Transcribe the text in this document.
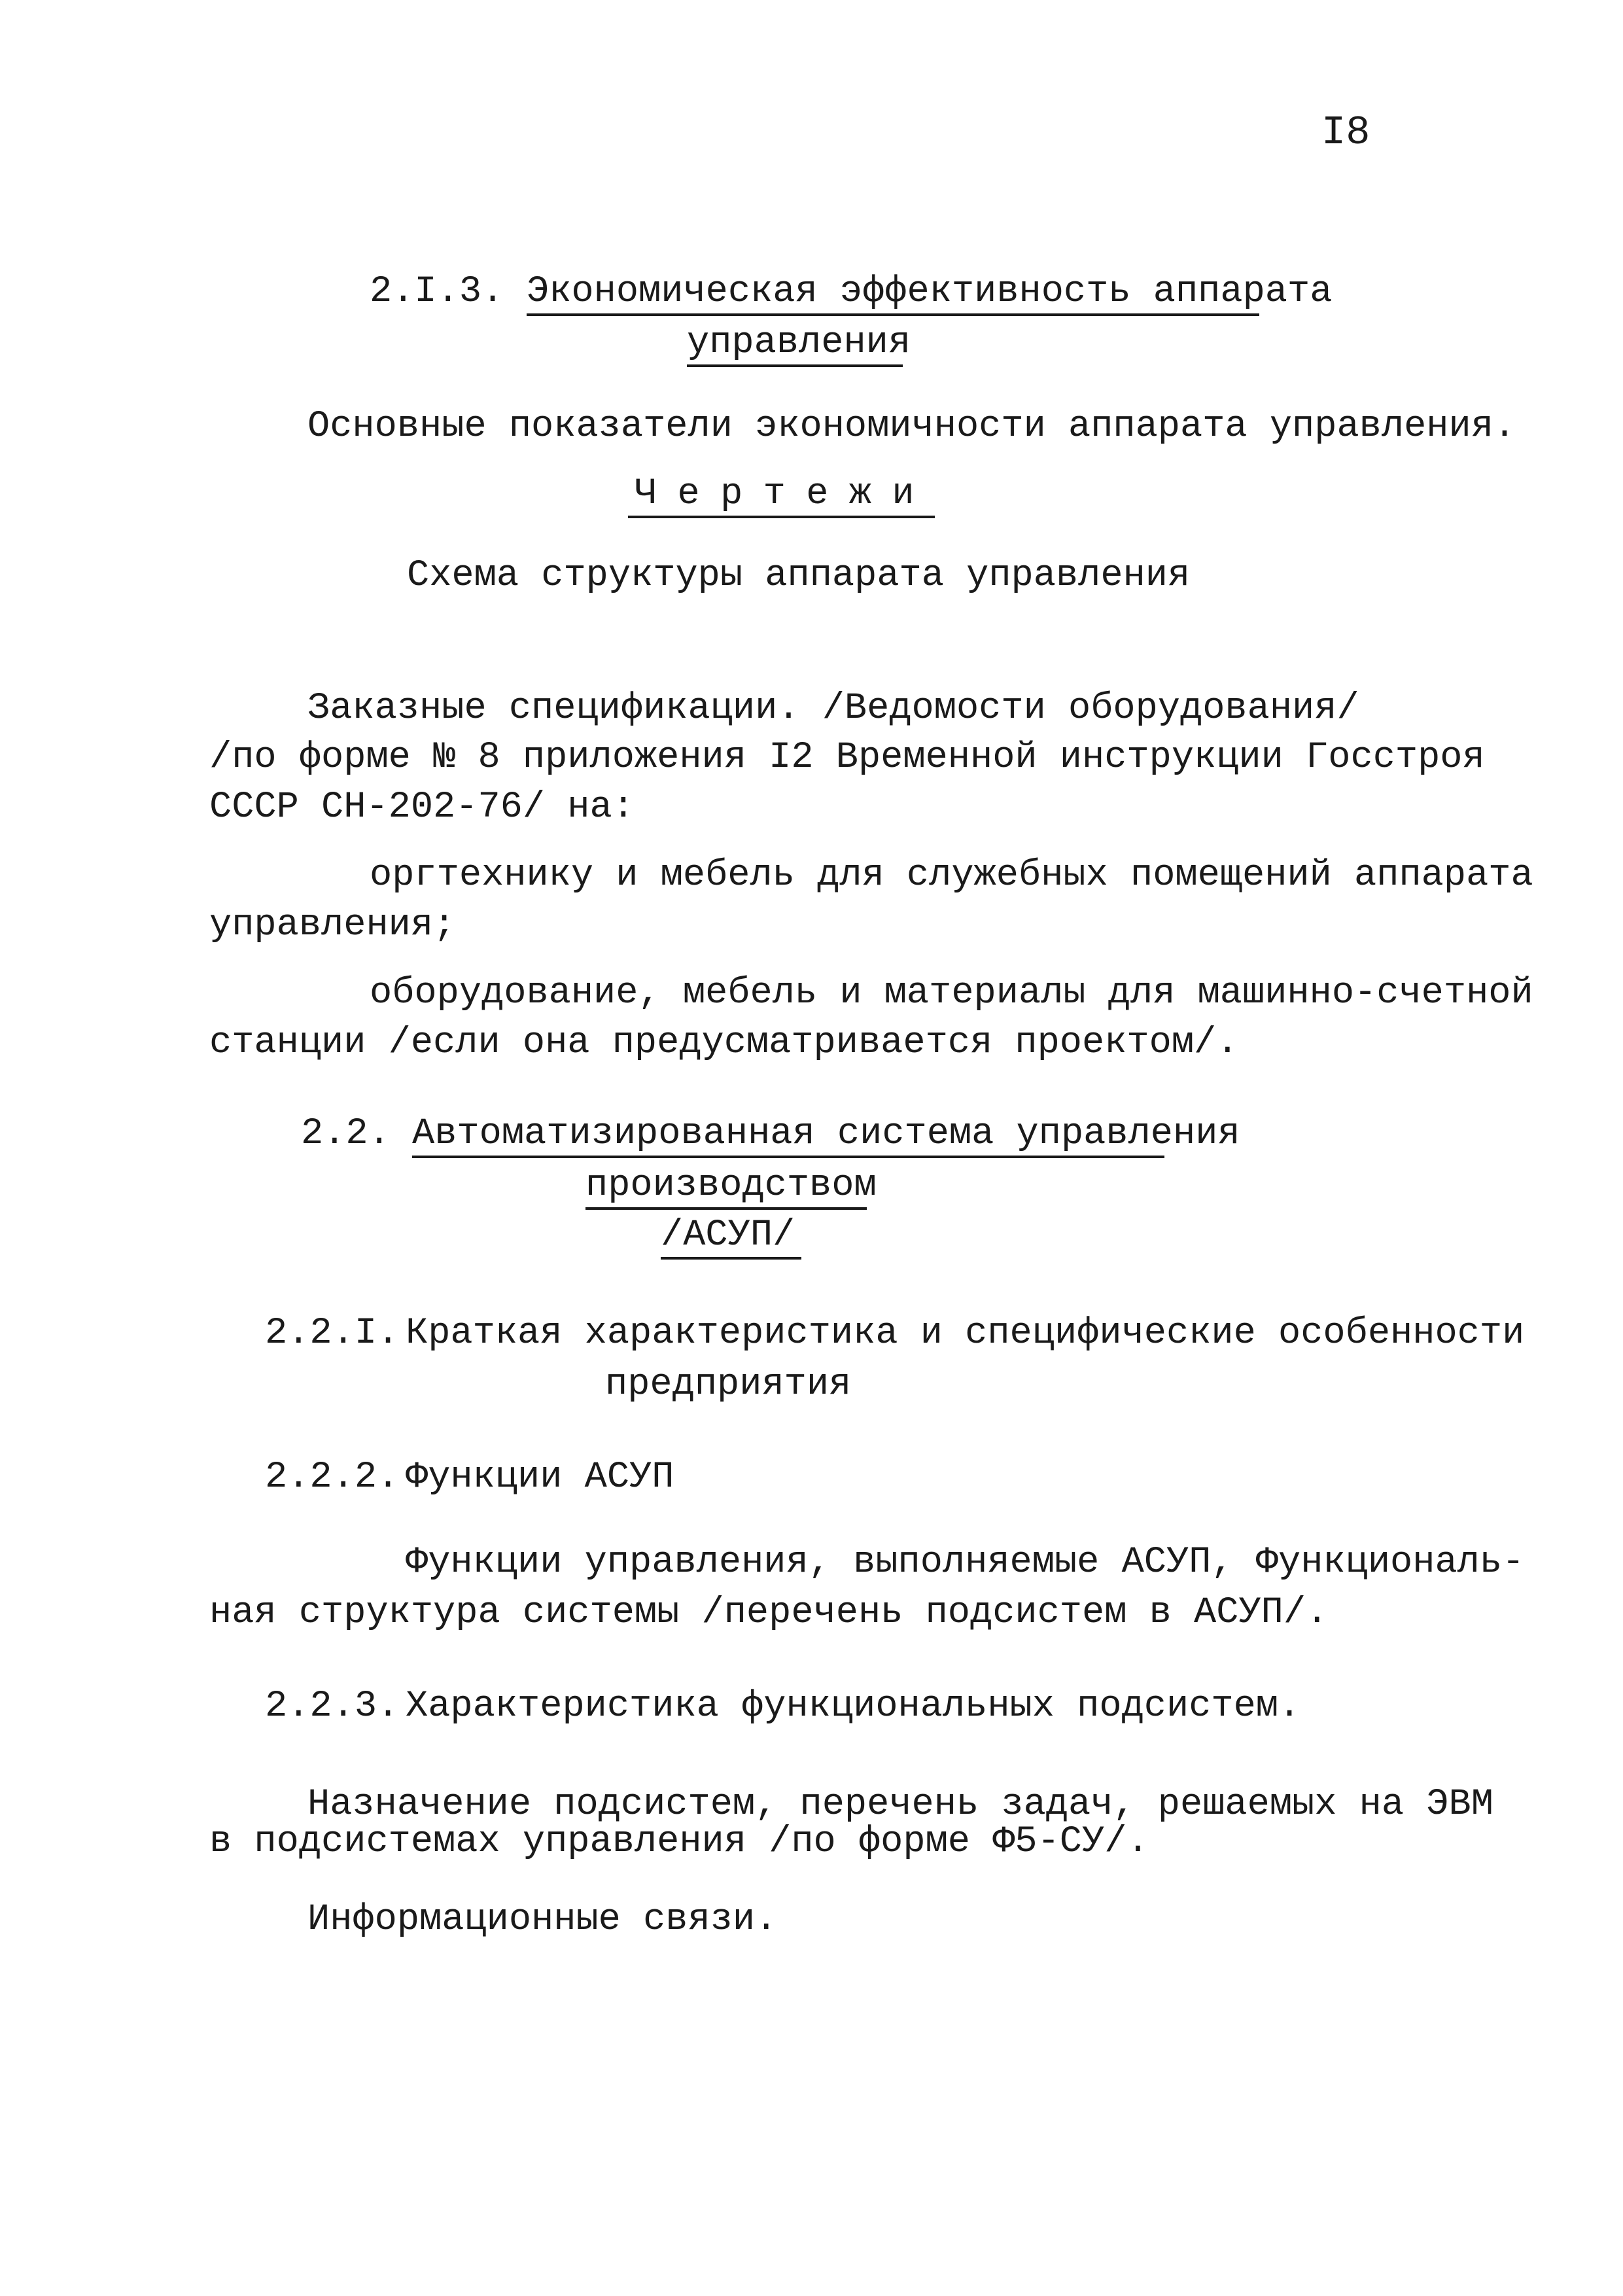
I8
2.I.3. Экономическая эффективность аппарата
управления
Основные показатели экономичности аппарата управления.
Чертежи
Схема структуры аппарата управления
Заказные спецификации. /Ведомости оборудования/
/по форме № 8 приложения I2 Временной инструкции Госстроя
СССР СН-202-76/ на:
оргтехнику и мебель для служебных помещений аппарата
управления;
оборудование, мебель и материалы для машинно-счетной
станции /если она предусматривается проектом/.
2.2. Автоматизированная система управления
производством
/АСУП/
2.2.I. Краткая характеристика и специфические особенности
предприятия
2.2.2. Функции АСУП
Функции управления, выполняемые АСУП, Функциональ-
ная структура системы /перечень подсистем в АСУП/.
2.2.3. Характеристика функциональных подсистем.
Назначение подсистем, перечень задач, решаемых на ЭВМ
в подсистемах управления /по форме Ф5-СУ/.
Информационные связи.
